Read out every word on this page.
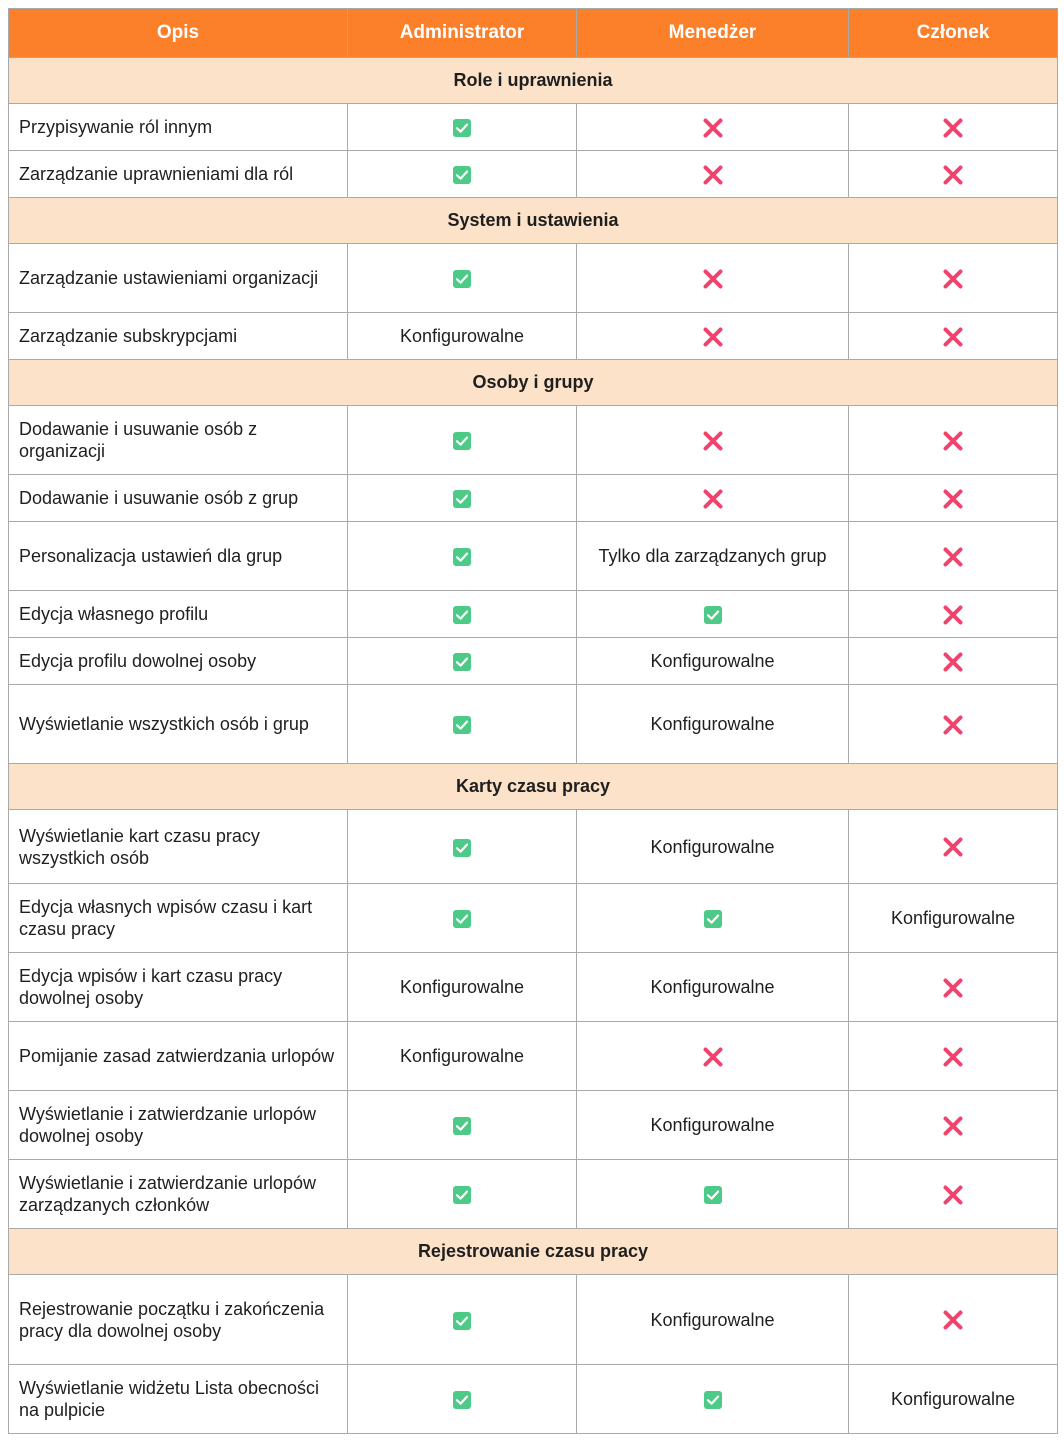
Opis	Administrator	Menedżer	Członek
Role i uprawnienia			
Przypisywanie ról innym			
Zarządzanie uprawnieniami dla ról			
System i ustawienia			
Zarządzanie ustawieniami organizacji			
Zarządzanie subskrypcjami	Konfigurowalne		
Osoby i grupy			
Dodawanie i usuwanie osób z organizacji			
Dodawanie i usuwanie osób z grup			
Personalizacja ustawień dla grup		Tylko dla zarządzanych grup	
Edycja własnego profilu			
Edycja profilu dowolnej osoby		Konfigurowalne	
Wyświetlanie wszystkich osób i grup		Konfigurowalne	
Karty czasu pracy			
Wyświetlanie kart czasu pracy wszystkich osób		Konfigurowalne	
Edycja własnych wpisów czasu i kart czasu pracy			Konfigurowalne
Edycja wpisów i kart czasu pracy dowolnej osoby	Konfigurowalne	Konfigurowalne	
Pomijanie zasad zatwierdzania urlopów	Konfigurowalne		
Wyświetlanie i zatwierdzanie urlopów dowolnej osoby		Konfigurowalne	
Wyświetlanie i zatwierdzanie urlopów zarządzanych członków			
Rejestrowanie czasu pracy			
Rejestrowanie początku i zakończenia pracy dla dowolnej osoby		Konfigurowalne	
Wyświetlanie widżetu Lista obecności na pulpicie			Konfigurowalne
